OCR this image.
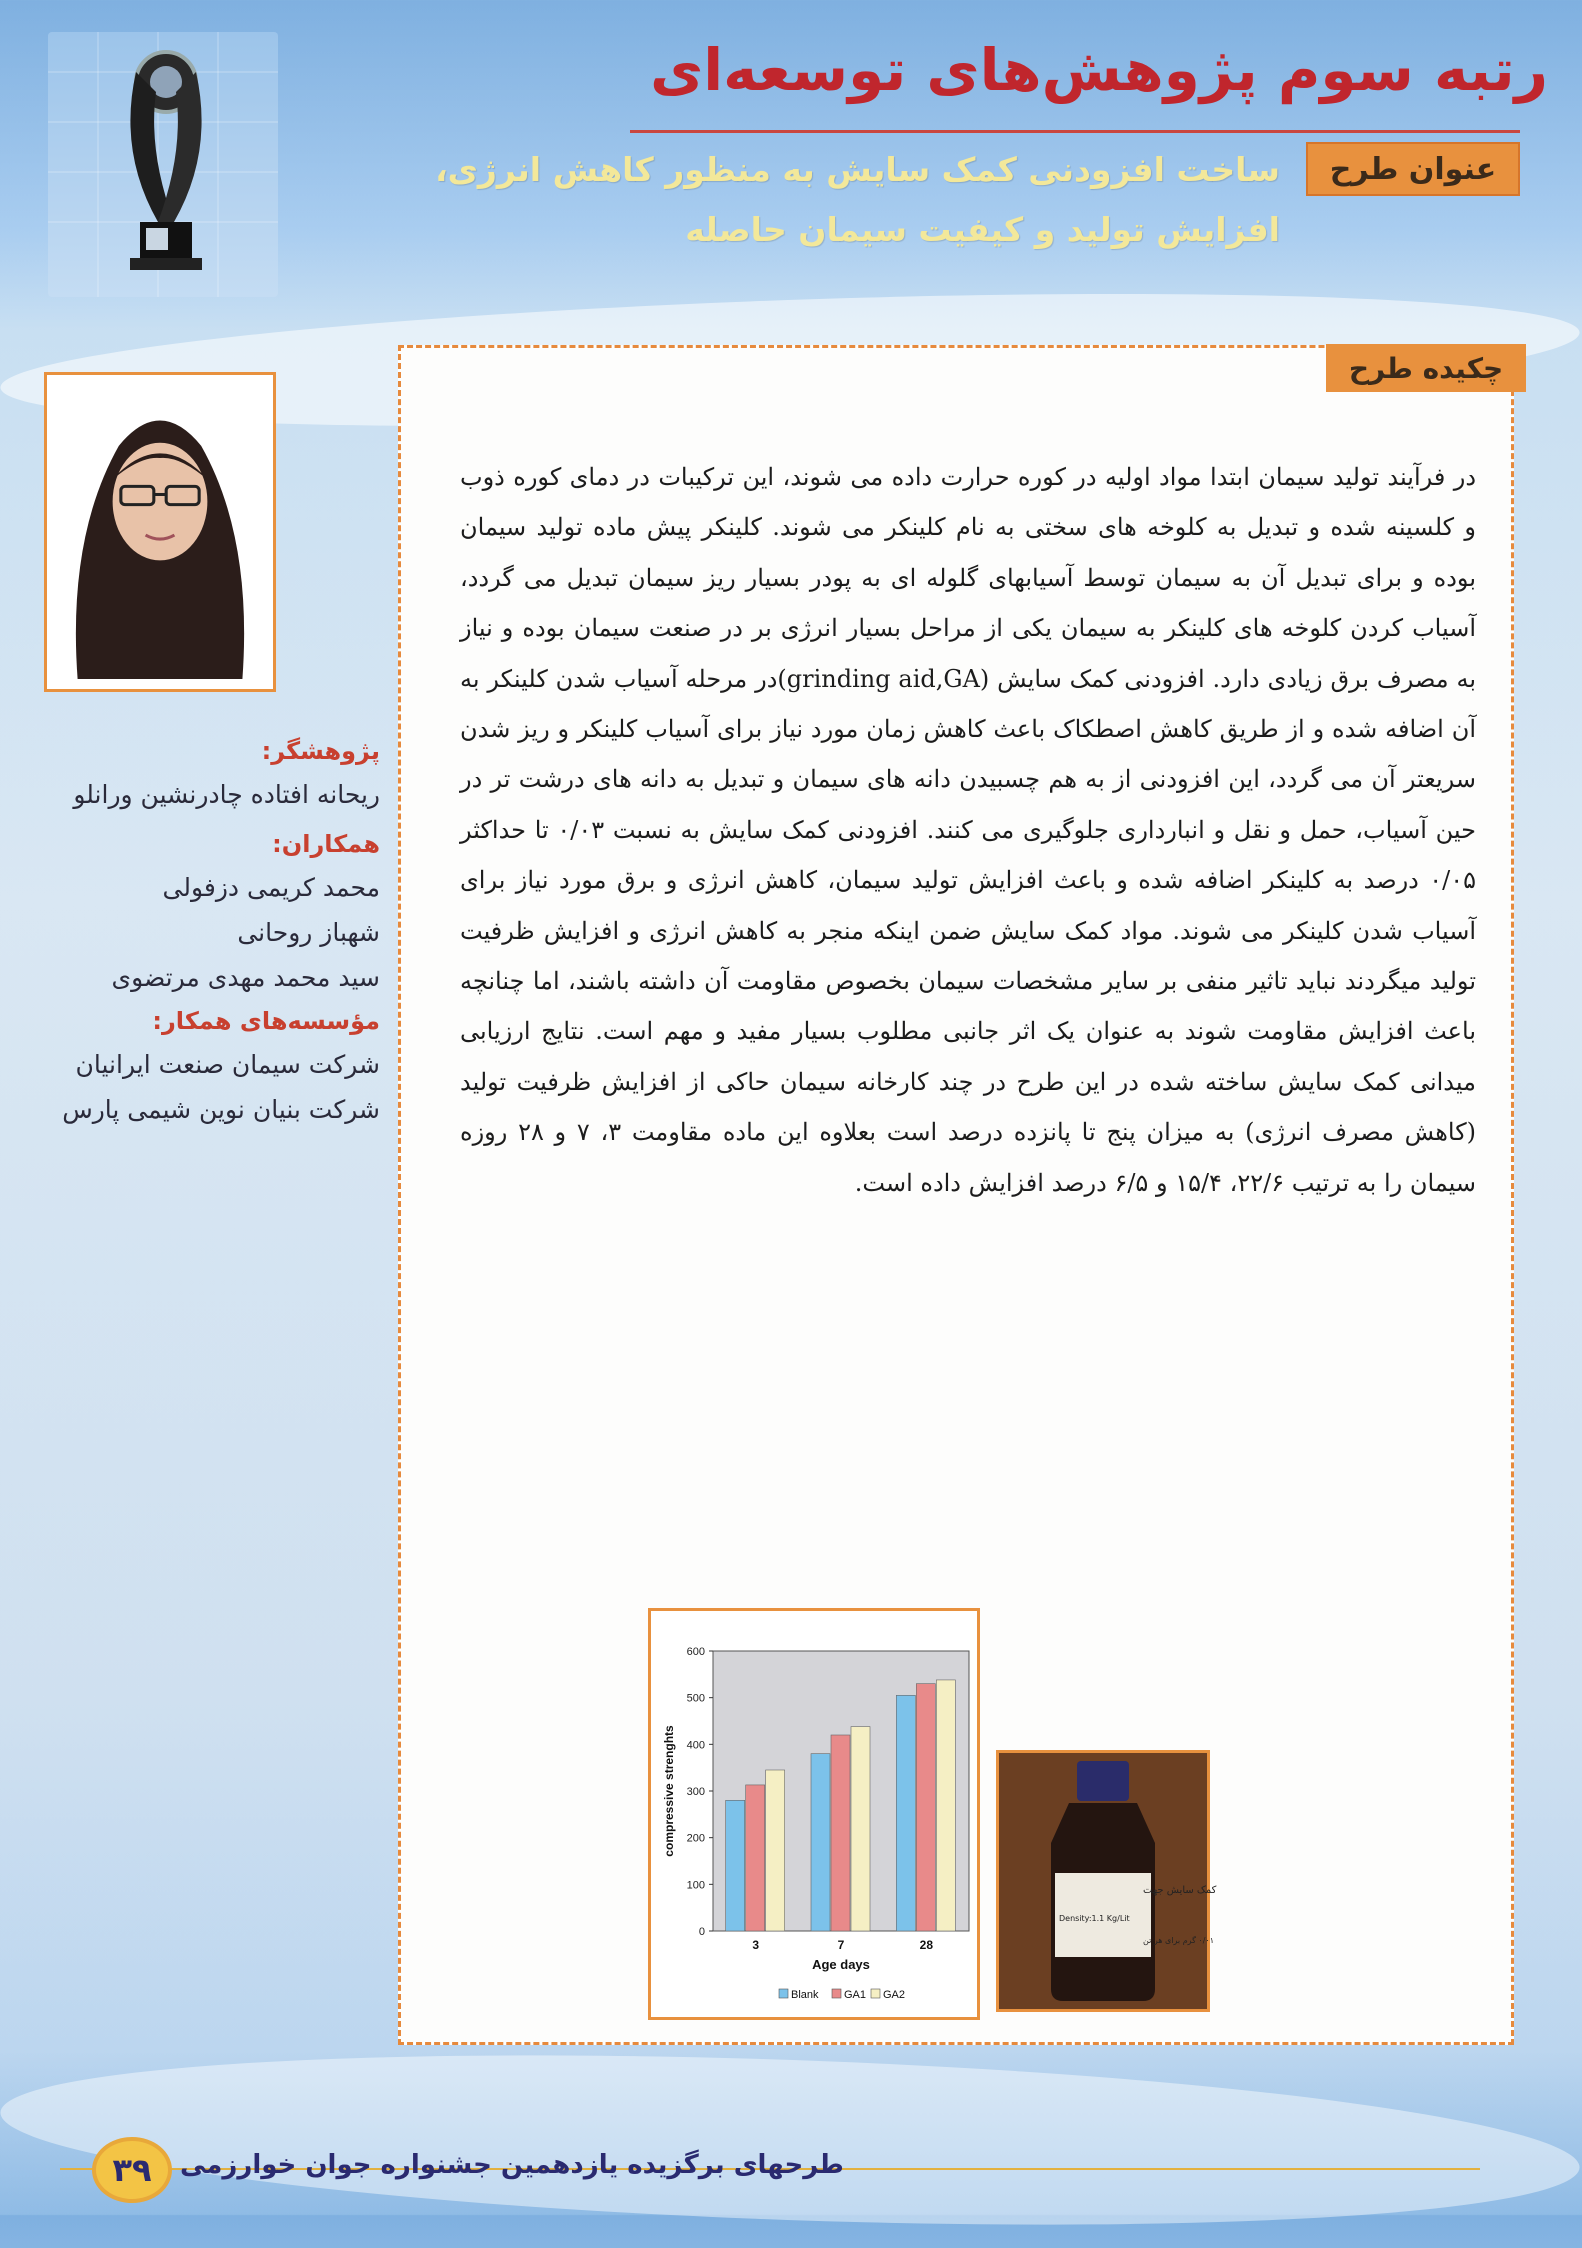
رتبه سوم پژوهش‌های توسعه‌ای
عنوان طرح
ساخت افزودنی کمک سایش به منظور کاهش انرژی، افزایش تولید و کیفیت سیمان حاصله
پژوهشگر:
ریحانه افتاده چادرنشین ورانلو
همکاران:
محمد کریمی دزفولی
شهباز روحانی
سید محمد مهدی مرتضوی
مؤسسه‌های همکار:
شرکت سیمان صنعت ایرانیان
شرکت بنیان نوین شیمی پارس
چکیده طرح

در فرآیند تولید سیمان ابتدا مواد اولیه در کوره حرارت داده می شوند، این ترکیبات در دمای کوره ذوب و کلسینه شده و تبدیل به کلوخه های سختی به نام کلینکر می شوند. کلینکر پیش ماده تولید سیمان بوده و برای تبدیل آن به سیمان توسط آسیابهای گلوله ای به پودر بسیار ریز سیمان تبدیل می گردد، آسیاب کردن کلوخه های کلینکر به سیمان یکی از مراحل بسیار انرژی بر در صنعت سیمان بوده و نیاز به مصرف برق زیادی دارد. افزودنی کمک سایش (grinding aid,GA)در مرحله آسیاب شدن کلینکر به آن اضافه شده و از طریق کاهش اصطکاک باعث کاهش زمان مورد نیاز برای آسیاب کلینکر و ریز شدن سریعتر آن می گردد، این افزودنی از به هم چسبیدن دانه های سیمان و تبدیل به دانه های درشت تر در حین آسیاب، حمل و نقل و انبارداری جلوگیری می کنند. افزودنی کمک سایش به نسبت ۰/۰۳ تا حداکثر ۰/۰۵ درصد به کلینکر اضافه شده و باعث افزایش تولید سیمان، کاهش انرژی و برق مورد نیاز برای آسیاب شدن کلینکر می شوند. مواد کمک سایش ضمن اینکه منجر به کاهش انرژی و افزایش ظرفیت تولید میگردند نباید تاثیر منفی بر سایر مشخصات سیمان بخصوص مقاومت آن داشته باشند، اما چنانچه باعث افزایش مقاومت شوند به عنوان یک اثر جانبی مطلوب بسیار مفید و مهم است. نتایج ارزیابی میدانی کمک سایش ساخته شده در این طرح در چند کارخانه سیمان حاکی از افزایش ظرفیت تولید (کاهش مصرف انرژی) به میزان پنج تا پانزده درصد است بعلاوه این ماده مقاومت ۳، ۷ و ۲۸ روزه سیمان را به ترتیب ۲۲/۶، ۱۵/۴ و ۶/۵ درصد افزایش داده است.

0
100
200
300
400
500
600
3	7	28
Age days
compressive strenghts
Blank GA1 GA2
کمک سایش جهت
Density:1.1 Kg/Lit
۰/۰۱ گرم برای هر تن
طرحهای برگزیده یازدهمین جشنواره جوان خوارزمی
۳۹
